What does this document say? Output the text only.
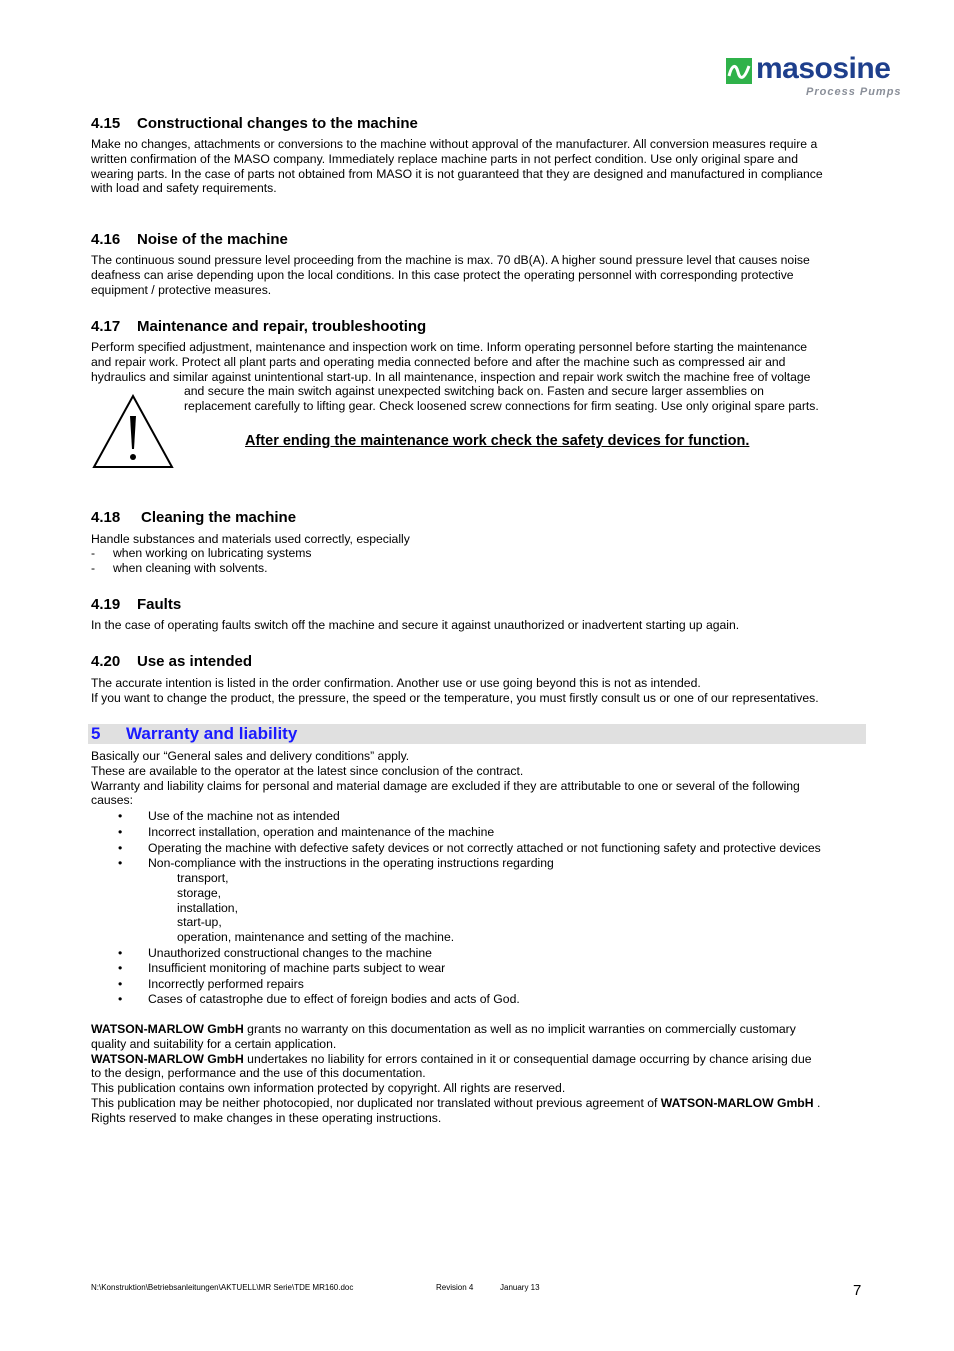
masosine
Process Pumps
4.15 Constructional changes to the machine
Make no changes, attachments or conversions to the machine without approval of the manufacturer. All conversion measures require a
written confirmation of the MASO company. Immediately replace machine parts in not perfect condition. Use only original spare and
wearing parts. In the case of parts not obtained from MASO it is not guaranteed that they are designed and manufactured in compliance
with load and safety requirements.
4.16 Noise of the machine
The continuous sound pressure level proceeding from the machine is max. 70 dB(A). A higher sound pressure level that causes noise
deafness can arise depending upon the local conditions. In this case protect the operating personnel with corresponding protective
equipment / protective measures.
4.17 Maintenance and repair, troubleshooting
Perform specified adjustment, maintenance and inspection work on time. Inform operating personnel before starting the maintenance
and repair work. Protect all plant parts and operating media connected before and after the machine such as compressed air and
hydraulics and similar against unintentional start-up. In all maintenance, inspection and repair work switch the machine free of voltage
and secure the main switch against unexpected switching back on. Fasten and secure larger assemblies on
replacement carefully to lifting gear. Check loosened screw connections for firm seating. Use only original spare parts.
After ending the maintenance work check the safety devices for function.
4.18 Cleaning the machine
Handle substances and materials used correctly, especially
- when working on lubricating systems
- when cleaning with solvents.
4.19 Faults
In the case of operating faults switch off the machine and secure it against unauthorized or inadvertent starting up again.
4.20 Use as intended
The accurate intention is listed in the order confirmation. Another use or use going beyond this is not as intended.
If you want to change the product, the pressure, the speed or the temperature, you must firstly consult us or one of our representatives.
5 Warranty and liability
Basically our “General sales and delivery conditions” apply.
These are available to the operator at the latest since conclusion of the contract.
Warranty and liability claims for personal and material damage are excluded if they are attributable to one or several of the following
causes:
• Use of the machine not as intended
• Incorrect installation, operation and maintenance of the machine
• Operating the machine with defective safety devices or not correctly attached or not functioning safety and protective devices
• Non-compliance with the instructions in the operating instructions regarding
transport,
storage,
installation,
start-up,
operation, maintenance and setting of the machine.
• Unauthorized constructional changes to the machine
• Insufficient monitoring of machine parts subject to wear
• Incorrectly performed repairs
• Cases of catastrophe due to effect of foreign bodies and acts of God.
WATSON-MARLOW GmbH grants no warranty on this documentation as well as no implicit warranties on commercially customary
quality and suitability for a certain application.
WATSON-MARLOW GmbH undertakes no liability for errors contained in it or consequential damage occurring by chance arising due
to the design, performance and the use of this documentation.
This publication contains own information protected by copyright. All rights are reserved.
This publication may be neither photocopied, nor duplicated nor translated without previous agreement of WATSON-MARLOW GmbH .
Rights reserved to make changes in these operating instructions.
N:\Konstruktion\Betriebsanleitungen\AKTUELL\MR Serie\TDE MR160.doc	Revision 4	January 13	7
